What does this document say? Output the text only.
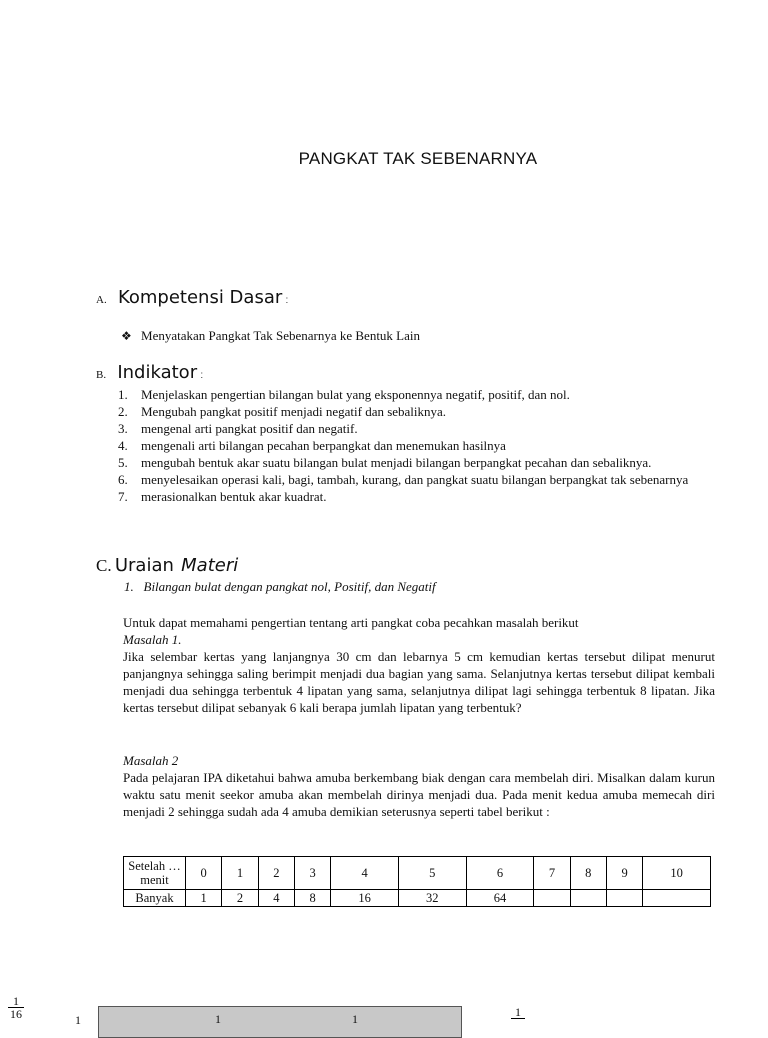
PANGKAT TAK SEBENARNYA
A. Kompetensi Dasar :
❖ Menyatakan Pangkat Tak Sebenarnya ke Bentuk Lain
B. Indikator :
1.	Menjelaskan pengertian bilangan bulat yang eksponennya negatif, positif, dan nol.
2.	Mengubah pangkat positif menjadi negatif dan sebaliknya.
3.	mengenal arti pangkat positif dan negatif.
4.	mengenali arti bilangan pecahan berpangkat dan menemukan hasilnya
5.	mengubah bentuk akar suatu bilangan bulat menjadi bilangan berpangkat pecahan dan sebaliknya.
6.	menyelesaikan operasi kali, bagi, tambah, kurang, dan pangkat suatu bilangan berpangkat tak sebenarnya
7.	merasionalkan bentuk akar kuadrat.
C. Uraian Materi
1.   Bilangan bulat dengan pangkat nol, Positif, dan Negatif
Untuk dapat memahami pengertian tentang arti pangkat coba pecahkan masalah berikut
Masalah 1.
Jika selembar kertas yang lanjangnya 30 cm dan lebarnya 5 cm kemudian kertas tersebut dilipat menurut panjangnya sehingga saling berimpit menjadi dua bagian yang sama. Selanjutnya kertas tersebut dilipat kembali menjadi dua sehingga terbentuk 4 lipatan yang sama, selanjutnya dilipat lagi sehingga terbentuk 8 lipatan. Jika kertas tersebut dilipat sebanyak 6 kali berapa jumlah lipatan yang terbentuk?
Masalah 2
Pada pelajaran IPA diketahui bahwa amuba berkembang biak dengan cara membelah diri. Misalkan dalam kurun waktu satu menit seekor amuba akan membelah dirinya menjadi dua. Pada menit kedua amuba memecah diri menjadi 2 sehingga sudah ada 4 amuba demikian seterusnya seperti tabel berikut :
Setelah … menit	0	1	2	3	4	5	6	7	8	9	10
Banyak	1	2	4	8	16	32	64				
$\frac{1}{16}$	1	1	1	1
